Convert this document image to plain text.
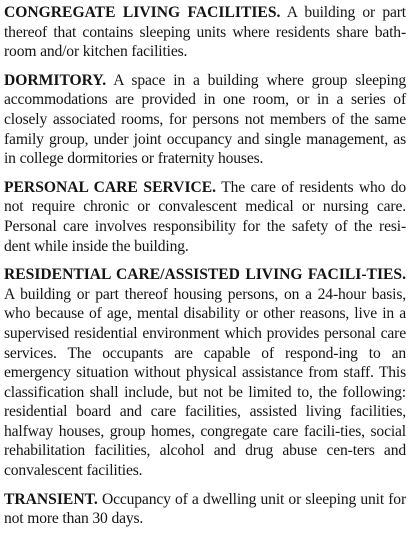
CONGREGATE LIVING FACILITIES. A building or part thereof that contains sleeping units where residents share bath-room and/or kitchen facilities.

DORMITORY. A space in a building where group sleeping accommodations are provided in one room, or in a series of closely associated rooms, for persons not members of the same family group, under joint occupancy and single management, as in college dormitories or fraternity houses.

PERSONAL CARE SERVICE. The care of residents who do not require chronic or convalescent medical or nursing care. Personal care involves responsibility for the safety of the resi-dent while inside the building.

RESIDENTIAL CARE/ASSISTED LIVING FACILI-TIES. A building or part thereof housing persons, on a 24-hour basis, who because of age, mental disability or other reasons, live in a supervised residential environment which provides personal care services. The occupants are capable of respond-ing to an emergency situation without physical assistance from staff. This classification shall include, but not be limited to, the following: residential board and care facilities, assisted living facilities, halfway houses, group homes, congregate care facili-ties, social rehabilitation facilities, alcohol and drug abuse cen-ters and convalescent facilities.

TRANSIENT. Occupancy of a dwelling unit or sleeping unit for not more than 30 days.
